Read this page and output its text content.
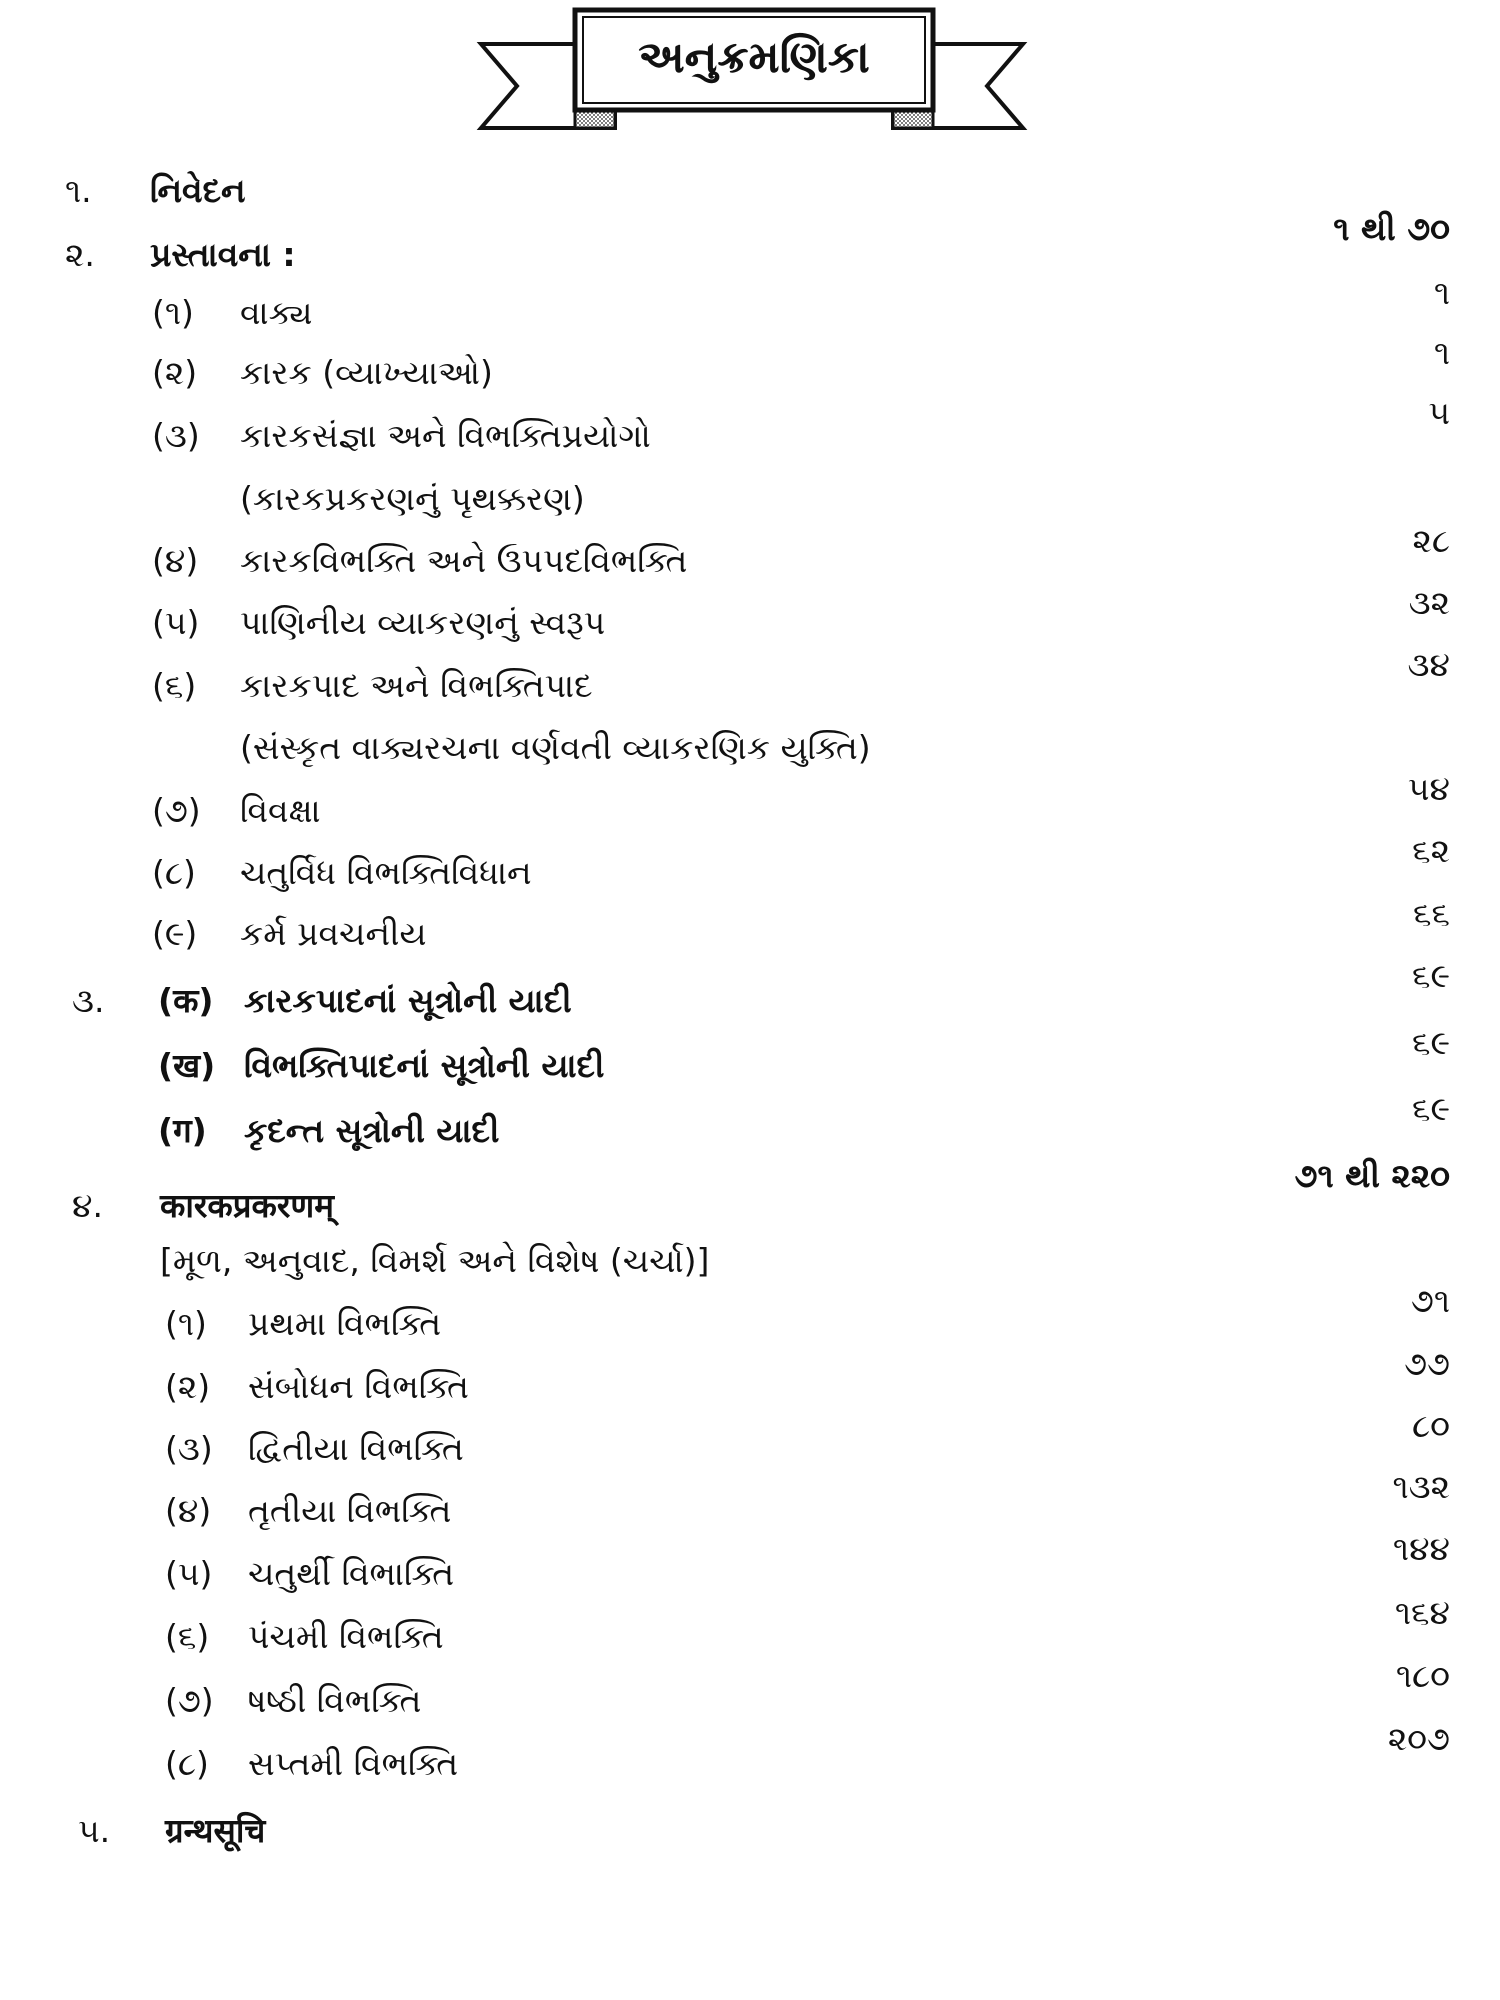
અનુક્રમણિકા
૧. નિવેદન
૧ થી ૭૦
૨. પ્રસ્તાવના :
(૧) વાક્ય
૧
(૨) કારક (વ્યાખ્યાઓ)
૧
(૩) કારકસંજ્ઞા અને વિભક્તિપ્રયોગો
(કારકપ્રકરણનું પૃથક્કરણ)
૫
(૪) કારકવિભક્તિ અને ઉપપદવિભક્તિ
૨૮
(૫) પાણિનીય વ્યાકરણનું સ્વરૂપ
૩૨
(૬) કારકપાદ અને વિભક્તિપાદ
(સંસ્કૃત વાક્યરચના વર્ણવતી વ્યાકરણિક યુક્તિ)
૩૪
(૭) વિવક્ષા
૫૪
(૮) ચતુર્વિધ વિભક્તિવિધાન
૬૨
(૯) કર્મ પ્રવચનીય
૬૬
૩. (क) કારકપાદનાં સૂત્રોની યાદી
૬૯
(ख) વિભક્તિપાદનાં સૂત્રોની યાદી
૬૯
(ग) કૃદન્ત સૂત્રોની યાદી
૬૯
૭૧ થી ૨૨૦
૪. कारकप्रकरणम्
[મૂળ, અનુવાદ, વિમર્શ અને વિશેષ (ચર્ચા)]
(૧) પ્રથમા વિભક્તિ
૭૧
(૨) સંબોધન વિભક્તિ
૭૭
(૩) દ્વિતીયા વિભક્તિ
૮૦
(૪) તૃતીયા વિભક્તિ
૧૩૨
(૫) ચતુર્થી વિભાક્તિ
૧૪૪
(૬) પંચમી વિભક્તિ
૧૬૪
(૭) ષષ્ઠી વિભક્તિ
૧૮૦
(૮) સપ્તમી વિભક્તિ
૨૦૭
૫. ग्रन्थसूचि
